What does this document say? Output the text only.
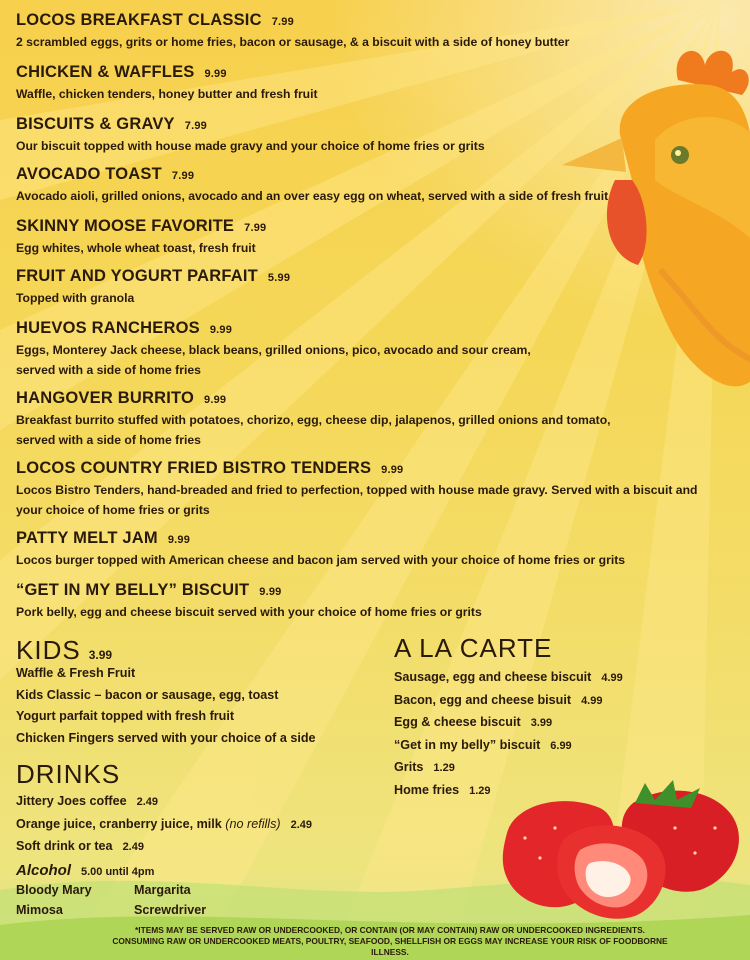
LOCOS BREAKFAST CLASSIC 7.99
2 scrambled eggs, grits or home fries, bacon or sausage, & a biscuit with a side of honey butter
CHICKEN & WAFFLES 9.99
Waffle, chicken tenders, honey butter and fresh fruit
BISCUITS & GRAVY 7.99
Our biscuit topped with house made gravy and your choice of home fries or grits
AVOCADO TOAST 7.99
Avocado aioli, grilled onions, avocado and an over easy egg on wheat, served with a side of fresh fruit
SKINNY MOOSE FAVORITE 7.99
Egg whites, whole wheat toast, fresh fruit
FRUIT AND YOGURT PARFAIT 5.99
Topped with granola
HUEVOS RANCHEROS 9.99
Eggs, Monterey Jack cheese, black beans, grilled onions, pico, avocado and sour cream,
served with a side of home fries
HANGOVER BURRITO 9.99
Breakfast burrito stuffed with potatoes, chorizo, egg, cheese dip, jalapenos, grilled onions and tomato,
served with a side of home fries
LOCOS COUNTRY FRIED BISTRO TENDERS 9.99
Locos Bistro Tenders, hand-breaded and fried to perfection, topped with house made gravy. Served with a biscuit and
your choice of home fries or grits
PATTY MELT JAM 9.99
Locos burger topped with American cheese and bacon jam served with your choice of home fries or grits
“GET IN MY BELLY” BISCUIT 9.99
Pork belly, egg and cheese biscuit served with your choice of home fries or grits
KIDS 3.99
Waffle & Fresh Fruit
Kids Classic – bacon or sausage, egg, toast
Yogurt parfait topped with fresh fruit
Chicken Fingers served with your choice of a side
DRINKS
Jittery Joes coffee 2.49
Orange juice, cranberry juice, milk (no refills) 2.49
Soft drink or tea 2.49
Alcohol 5.00 until 4pm
Bloody Mary	Margarita
Mimosa	Screwdriver
A LA CARTE
Sausage, egg and cheese biscuit 4.99
Bacon, egg and cheese bisuit 4.99
Egg & cheese biscuit 3.99
“Get in my belly” biscuit 6.99
Grits 1.29
Home fries 1.29
*ITEMS MAY BE SERVED RAW OR UNDERCOOKED, OR CONTAIN (OR MAY CONTAIN) RAW OR UNDERCOOKED INGREDIENTS.
CONSUMING RAW OR UNDERCOOKED MEATS, POULTRY, SEAFOOD, SHELLFISH OR EGGS MAY INCREASE YOUR RISK OF FOODBORNE ILLNESS.
